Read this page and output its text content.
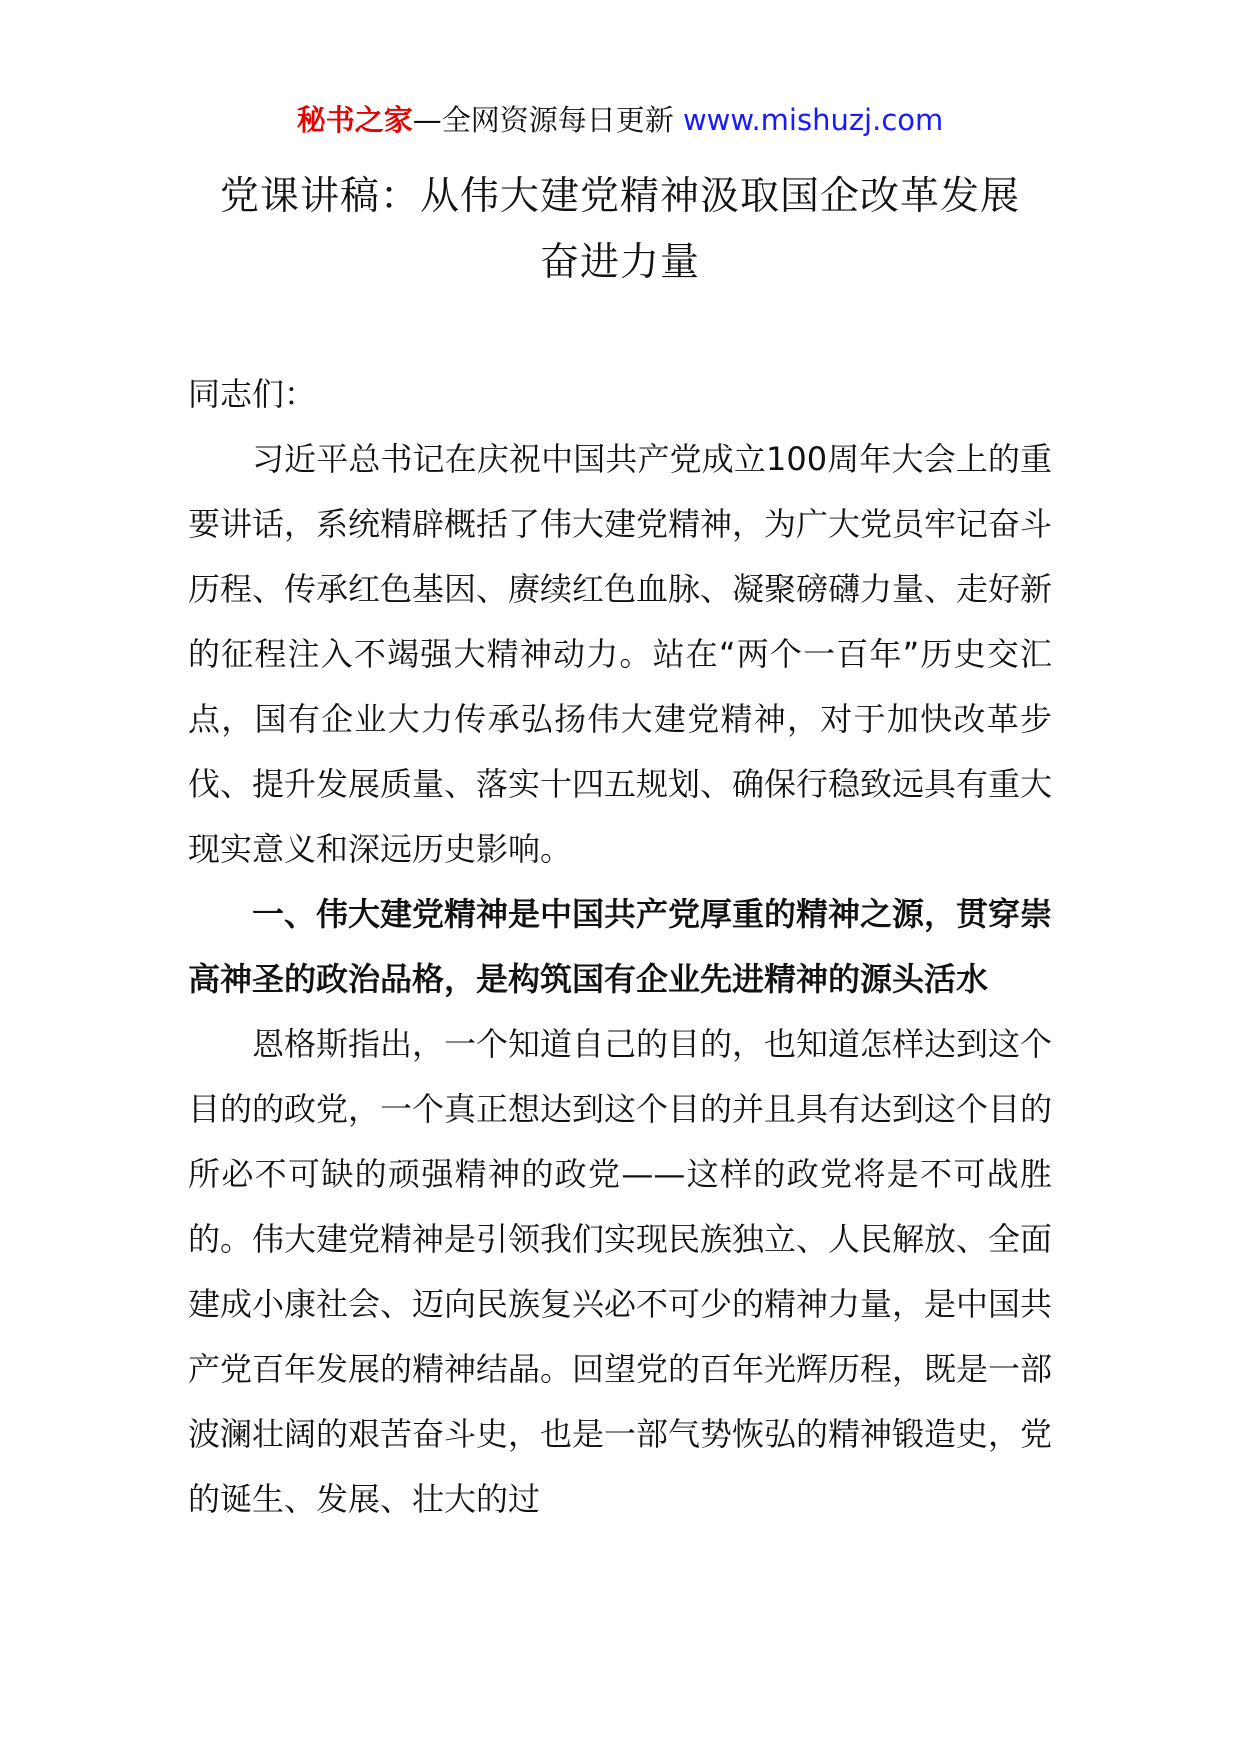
秘书之家—全网资源每日更新 www.mishuzj.com
党课讲稿：从伟大建党精神汲取国企改革发展
奋进力量

同志们：

习近平总书记在庆祝中国共产党成立100周年大会上的重要讲话，系统精辟概括了伟大建党精神，为广大党员牢记奋斗历程、传承红色基因、赓续红色血脉、凝聚磅礴力量、走好新的征程注入不竭强大精神动力。站在“两个一百年”历史交汇点，国有企业大力传承弘扬伟大建党精神，对于加快改革步伐、提升发展质量、落实十四五规划、确保行稳致远具有重大现实意义和深远历史影响。

一、伟大建党精神是中国共产党厚重的精神之源，贯穿崇高神圣的政治品格，是构筑国有企业先进精神的源头活水

恩格斯指出，一个知道自己的目的，也知道怎样达到这个目的的政党，一个真正想达到这个目的并且具有达到这个目的所必不可缺的顽强精神的政党——这样的政党将是不可战胜的。伟大建党精神是引领我们实现民族独立、人民解放、全面建成小康社会、迈向民族复兴必不可少的精神力量，是中国共产党百年发展的精神结晶。回望党的百年光辉历程，既是一部波澜壮阔的艰苦奋斗史，也是一部气势恢弘的精神锻造史，党的诞生、发展、壮大的过
